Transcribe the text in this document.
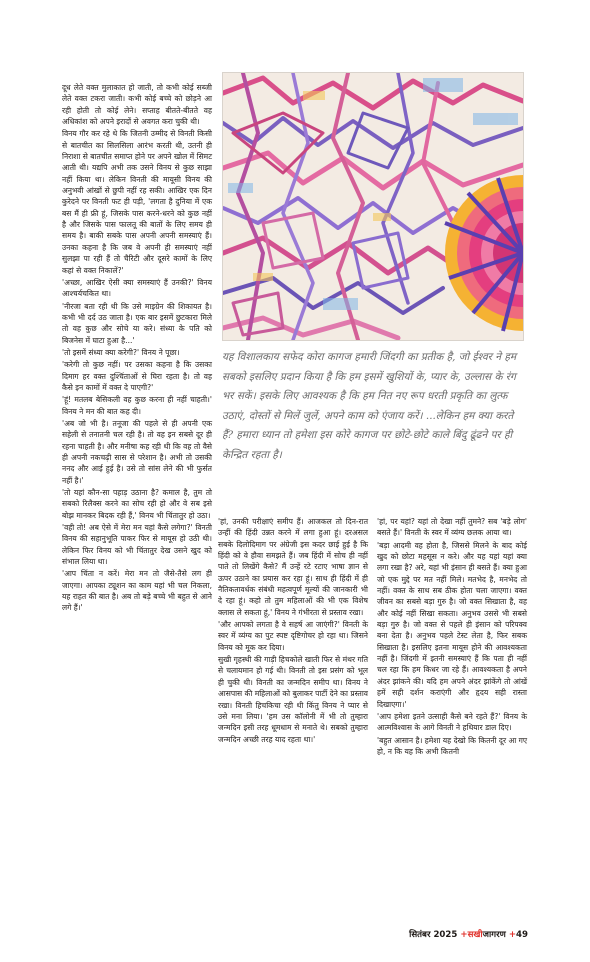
दूध लेते वक्त मुलाकात हो जाती, तो कभी कोई सब्जी लेते वक्त टकरा जाती। कभी कोई बच्चे को छोड़ने आ रही होती तो कोई लेने। सप्ताह बीतते-बीतते वह अधिकांश को अपने इरादों से अवगत करा चुकी थी।

विनय गौर कर रहे थे कि जितनी उम्मीद से विनती किसी से बातचीत का सिलसिला आरंभ करती थी, उतनी ही निराशा से बातचीत समाप्त होने पर अपने खोल में सिमट आती थी। यद्यपि अभी तक उसने विनय से कुछ साझा नहीं किया था। लेकिन विनती की मायूसी विनय की अनुभवी आंखों से छुपी नहीं रह सकी। आखिर एक दिन कुरेदने पर विनती फट ही पड़ी, 'लगता है दुनिया में एक बस मैं ही फ्री हूं, जिसके पास करने-धरने को कुछ नहीं है और जिसके पास फालतू की बातों के लिए समय ही समय है। बाकी सबके पास अपनी अपनी समस्याएं हैं। उनका कहना है कि जब वे अपनी ही समस्याएं नहीं सुलझा पा रही हैं तो चैरिटी और दूसरे कामों के लिए कहां से वक्त निकालें?'

'अच्छा, आखिर ऐसी क्या समस्याएं हैं उनकी?' विनय आश्चर्यचकित था।

'नीरजा बता रही थी कि उसे माइग्रेन की शिकायत है। कभी भी दर्द उठ जाता है। एक बार इसमें छुटकारा मिले तो वह कुछ और सोचे या करे। संध्या के पति को बिजनेस में घाटा हुआ है...'

'तो इसमें संध्या क्या करेगी?' विनय ने पूछा।

'करेगी तो कुछ नहीं। पर उसका कहना है कि उसका दिमाग हर वक्त दुश्चिंताओं से घिरा रहता है। तो वह कैसे इन कामों में वक्त दे पाएगी?'

'हूं! मतलब बेसिकली वह कुछ करना ही नहीं चाहती।' विनय ने मन की बात कह दी।

'अब जो भी है। तनूजा की पहले से ही अपनी एक सहेली से तनातनी चल रही है। तो वह इन सबसे दूर ही रहना चाहती है। और मनीषा कह रही थी कि वह तो वैसे ही अपनी नकचढ़ी सास से परेशान है। अभी तो उसकी ननद और आई हुई है। उसे तो सांस लेने की भी फुर्सत नहीं है।'

'तो यहां कौन-सा पहाड़ उठाना है? कमाल है, तुम तो सबको रिलैक्स करने का सोच रही हो और वे सब इसे बोझ मानकर बिदक रही हैं,' विनय भी चिंतातुर हो उठा।

'वही तो! अब ऐसे में मेरा मन यहां कैसे लगेगा?' विनती विनय की सहानुभूति पाकर फिर से मायूस हो उठी थी। लेकिन फिर विनय को भी चिंतातुर देख उसने खुद को संभाल लिया था।

'आप चिंता न करें। मेरा मन तो जैसे-तैसे लग ही जाएगा। आपका ट्यूशन का काम यहां भी चल निकला, यह राहत की बात है। अब तो बड़े बच्चे भी बहुत से आने लगे हैं।'

यह विशालकाय सफेद कोरा कागज हमारी जिंदगी का प्रतीक है, जो ईश्वर ने हम सबको इसलिए प्रदान किया है कि हम इसमें खुशियों के, प्यार के, उल्लास के रंग भर सकें। इसके लिए आवश्यक है कि हम नित नए रूप धरती प्रकृति का लुत्फ उठाएं, दोस्तों से मिलें जुलें, अपने काम को एंजाय करें। ...लेकिन हम क्या करते हैं? हमारा ध्यान तो हमेशा इस कोरे कागज पर छोटे-छोटे काले बिंदु ढूंढने पर ही केन्द्रित रहता है।

'हां, उनकी परीक्षाएं समीप हैं। आजकल तो दिन-रात उन्हीं की हिंदी उन्नत करने में लगा हुआ हूं। दरअसल सबके दिलोदिमाग पर अंग्रेजी इस कदर छाई हुई है कि हिंदी को वे हौवा समझते हैं। जब हिंदी में सोच ही नहीं पाते तो लिखेंगे कैसे? मैं उन्हें रटे रटाए भाषा ज्ञान से ऊपर उठाने का प्रयास कर रहा हूं। साथ ही हिंदी में ही नैतिकतावर्धक संबंधी महत्वपूर्ण मूल्यों की जानकारी भी दे रहा हूं। कहो तो तुम महिलाओं की भी एक विशेष क्लास ले सकता हूं,' विनय ने गंभीरता से प्रस्ताव रखा।

'और आपको लगता है वे सहर्ष आ जाएंगी?' विनती के स्वर में व्यंग्य का पुट स्पष्ट दृष्टिगोचर हो रहा था। जिसने विनय को मूक कर दिया।

सुखी गृहस्थी की गाड़ी हिचकोले खाती फिर से मंथर गति से चलायमान हो गई थी। विनती तो इस प्रसंग को भूल ही चुकी थी। विनती का जन्मदिन समीप था। विनय ने आसपास की महिलाओं को बुलाकर पार्टी देने का प्रस्ताव रखा। विनती हिचकिचा रही थी किंतु विनय ने प्यार से उसे मना लिया। 'हम उस कॉलोनी में भी तो तुम्हारा जन्मदिन इसी तरह धूमधाम से मनाते थे। सबको तुम्हारा जन्मदिन अच्छी तरह याद रहता था।'

'हां, पर यहां? यहां तो देखा नहीं तुमने? सब 'बड़े लोग' बसते हैं।' विनती के स्वर में व्यंग्य छलक आया था।

'बड़ा आदमी वह होता है, जिससे मिलने के बाद कोई खुद को छोटा महसूस न करे। और यह यहां यहां क्या लगा रखा है? अरे, यहां भी इंसान ही बसते हैं। क्या हुआ जो एक मुद्दे पर मत नहीं मिले। मतभेद है, मनभेद तो नहीं। वक्त के साथ सब ठीक होता चला जाएगा। वक्त जीवन का सबसे बड़ा गुरु है। जो वक्त सिखाता है, वह और कोई नहीं सिखा सकता। अनुभव उससे भी सबसे बड़ा गुरु है। जो वक्त से पहले ही इंसान को परिपक्व बना देता है। अनुभव पहले टेस्ट लेता है, फिर सबक सिखाता है। इसलिए इतना मायूस होने की आवश्यकता नहीं है। जिंदगी में इतनी समस्याएं हैं कि पता ही नहीं चल रहा कि हम किधर जा रहे हैं। आवश्यकता है अपने अंदर झांकने की। यदि हम अपने अंदर झांकेंगे तो आंखें हमें सही दर्शन कराएंगी और हृदय सही रास्ता दिखाएगा।'

'आप हमेशा इतने उत्साही कैसे बने रहते हैं?' विनय के आत्मविश्वास के आगे विनती ने हथियार डाल दिए।

'बहुत आसान है। हमेशा यह देखो कि कितनी दूर आ गए हो, न कि यह कि अभी कितनी

सितंबर 2025 +सखीजागरण +49
